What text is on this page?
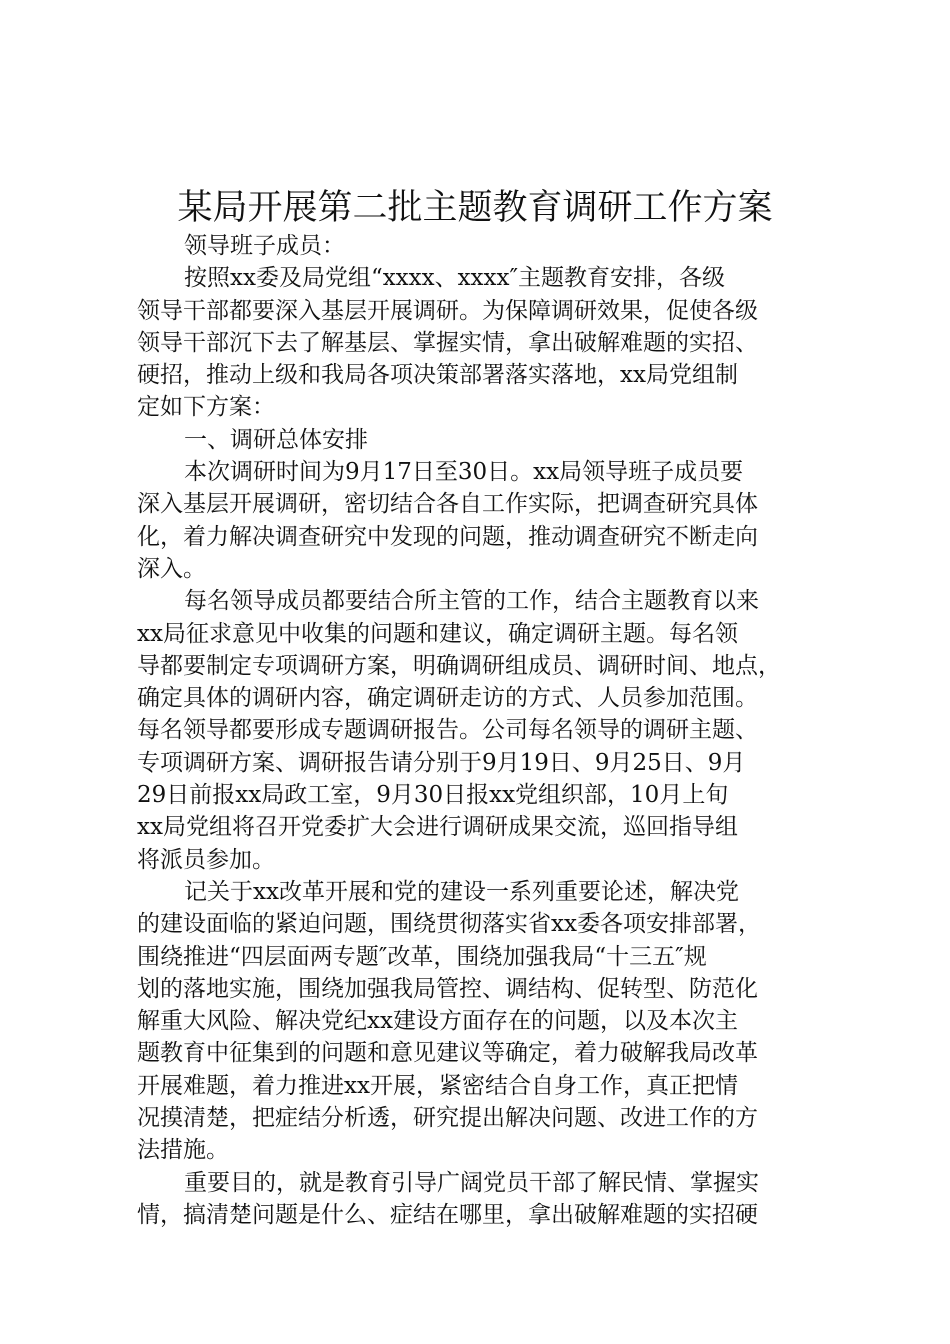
某局开展第二批主题教育调研工作方案
领导班子成员：
按照xx委及局党组“xxxx、xxxx″主题教育安排，各级
领导干部都要深入基层开展调研。为保障调研效果，促使各级
领导干部沉下去了解基层、掌握实情，拿出破解难题的实招、
硬招，推动上级和我局各项决策部署落实落地，xx局党组制
定如下方案：
一、调研总体安排
本次调研时间为9月17日至30日。xx局领导班子成员要
深入基层开展调研，密切结合各自工作实际，把调查研究具体
化，着力解决调查研究中发现的问题，推动调查研究不断走向
深入。
每名领导成员都要结合所主管的工作，结合主题教育以来
xx局征求意见中收集的问题和建议，确定调研主题。每名领
导都要制定专项调研方案，明确调研组成员、调研时间、地点，
确定具体的调研内容，确定调研走访的方式、人员参加范围。
每名领导都要形成专题调研报告。公司每名领导的调研主题、
专项调研方案、调研报告请分别于9月19日、9月25日、9月
29日前报xx局政工室，9月30日报xx党组织部，10月上旬
xx局党组将召开党委扩大会进行调研成果交流，巡回指导组
将派员参加。
记关于xx改革开展和党的建设一系列重要论述，解决党
的建设面临的紧迫问题，围绕贯彻落实省xx委各项安排部署，
围绕推进“四层面两专题″改革，围绕加强我局“十三五″规
划的落地实施，围绕加强我局管控、调结构、促转型、防范化
解重大风险、解决党纪xx建设方面存在的问题，以及本次主
题教育中征集到的问题和意见建议等确定，着力破解我局改革
开展难题，着力推进xx开展，紧密结合自身工作，真正把情
况摸清楚，把症结分析透，研究提出解决问题、改进工作的方
法措施。
重要目的，就是教育引导广阔党员干部了解民情、掌握实
情，搞清楚问题是什么、症结在哪里，拿出破解难题的实招硬
